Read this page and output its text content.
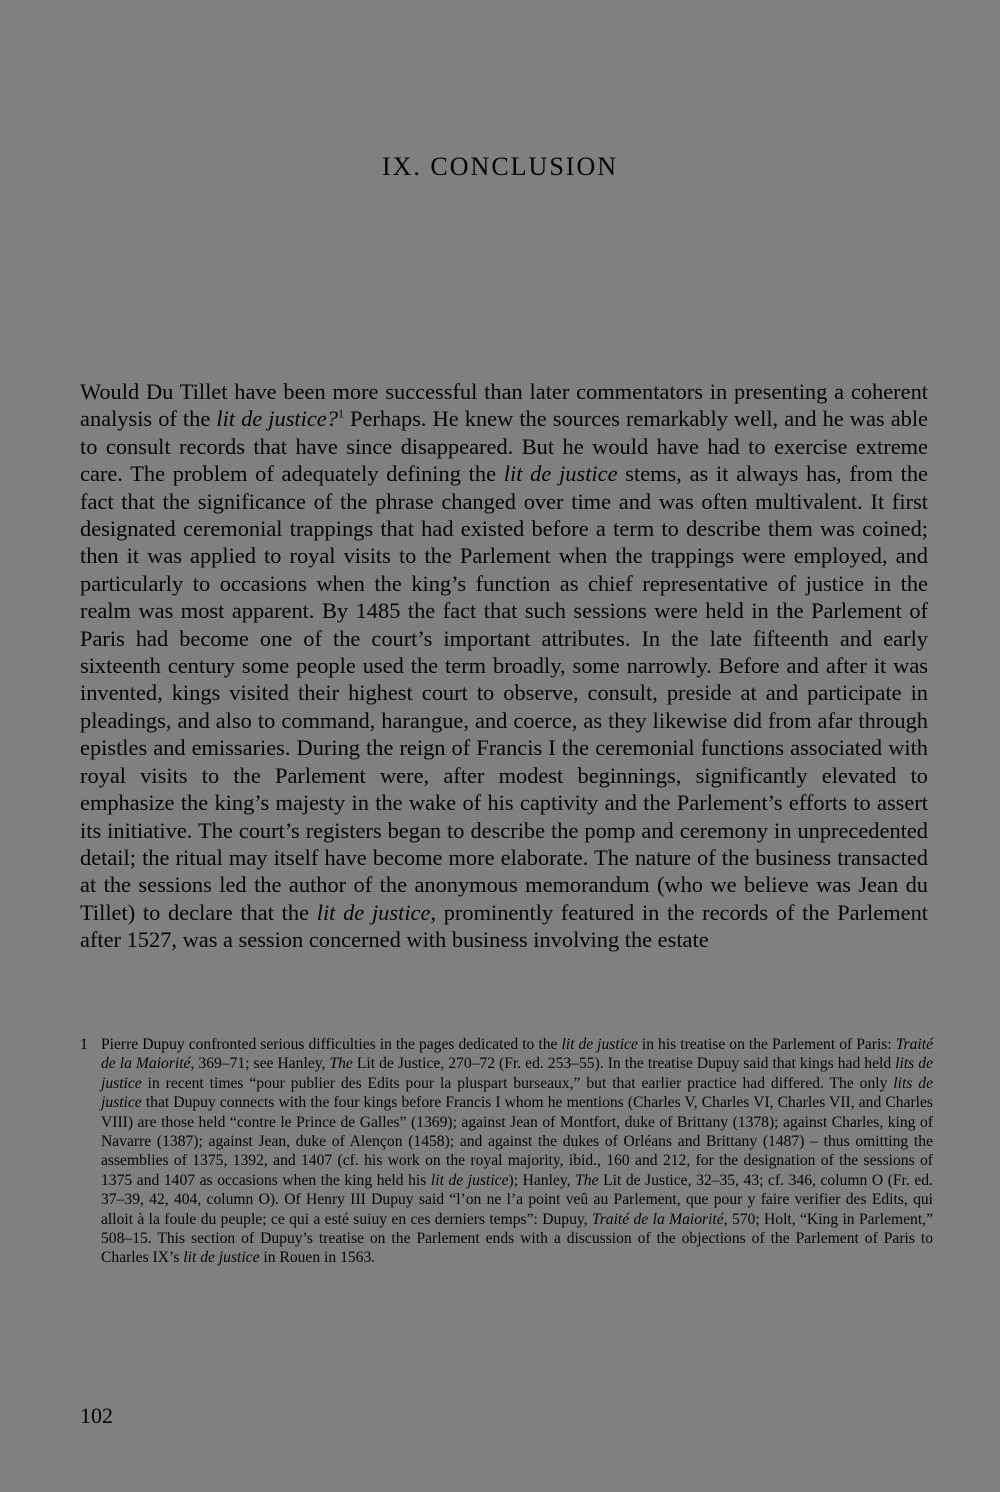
IX. CONCLUSION

Would Du Tillet have been more successful than later commentators in presenting a coherent analysis of the lit de justice?$^1$ Perhaps. He knew the sources remarkably well, and he was able to consult records that have since disappeared. But he would have had to exercise extreme care. The problem of adequately defining the lit de justice stems, as it always has, from the fact that the significance of the phrase changed over time and was often multivalent. It first designated ceremonial trappings that had existed before a term to describe them was coined; then it was applied to royal visits to the Parlement when the trappings were employed, and particularly to occasions when the king’s function as chief representative of justice in the realm was most apparent. By 1485 the fact that such sessions were held in the Parlement of Paris had become one of the court’s important attributes. In the late fifteenth and early sixteenth century some people used the term broadly, some narrowly. Before and after it was invented, kings visited their highest court to observe, consult, preside at and participate in pleadings, and also to command, harangue, and coerce, as they likewise did from afar through epistles and emissaries. During the reign of Francis I the ceremonial functions associated with royal visits to the Parlement were, after modest beginnings, significantly elevated to emphasize the king’s majesty in the wake of his captivity and the Parlement’s efforts to assert its initiative. The court’s registers began to describe the pomp and ceremony in unprecedented detail; the ritual may itself have become more elaborate. The nature of the business transacted at the sessions led the author of the anonymous memorandum (who we believe was Jean du Tillet) to declare that the lit de justice, prominently featured in the records of the Parlement after 1527, was a session concerned with business involving the estate

1 Pierre Dupuy confronted serious difficulties in the pages dedicated to the lit de justice in his treatise on the Parlement of Paris: Traité de la Maiorité, 369–71; see Hanley, The Lit de Justice, 270–72 (Fr. ed. 253–55). In the treatise Dupuy said that kings had held lits de justice in recent times “pour publier des Edits pour la pluspart burseaux,” but that earlier practice had differed. The only lits de justice that Dupuy connects with the four kings before Francis I whom he mentions (Charles V, Charles VI, Charles VII, and Charles VIII) are those held “contre le Prince de Galles” (1369); against Jean of Montfort, duke of Brittany (1378); against Charles, king of Navarre (1387); against Jean, duke of Alençon (1458); and against the dukes of Orléans and Brittany (1487) – thus omitting the assemblies of 1375, 1392, and 1407 (cf. his work on the royal majority, ibid., 160 and 212, for the designation of the sessions of 1375 and 1407 as occasions when the king held his lit de justice); Hanley, The Lit de Justice, 32–35, 43; cf. 346, column O (Fr. ed. 37–39, 42, 404, column O). Of Henry III Dupuy said “l’on ne l’a point veû au Parlement, que pour y faire verifier des Edits, qui alloit à la foule du peuple; ce qui a esté suiuy en ces derniers temps”: Dupuy, Traité de la Maiorité, 570; Holt, “King in Parlement,” 508–15. This section of Dupuy’s treatise on the Parlement ends with a discussion of the objections of the Parlement of Paris to Charles IX’s lit de justice in Rouen in 1563.

102
